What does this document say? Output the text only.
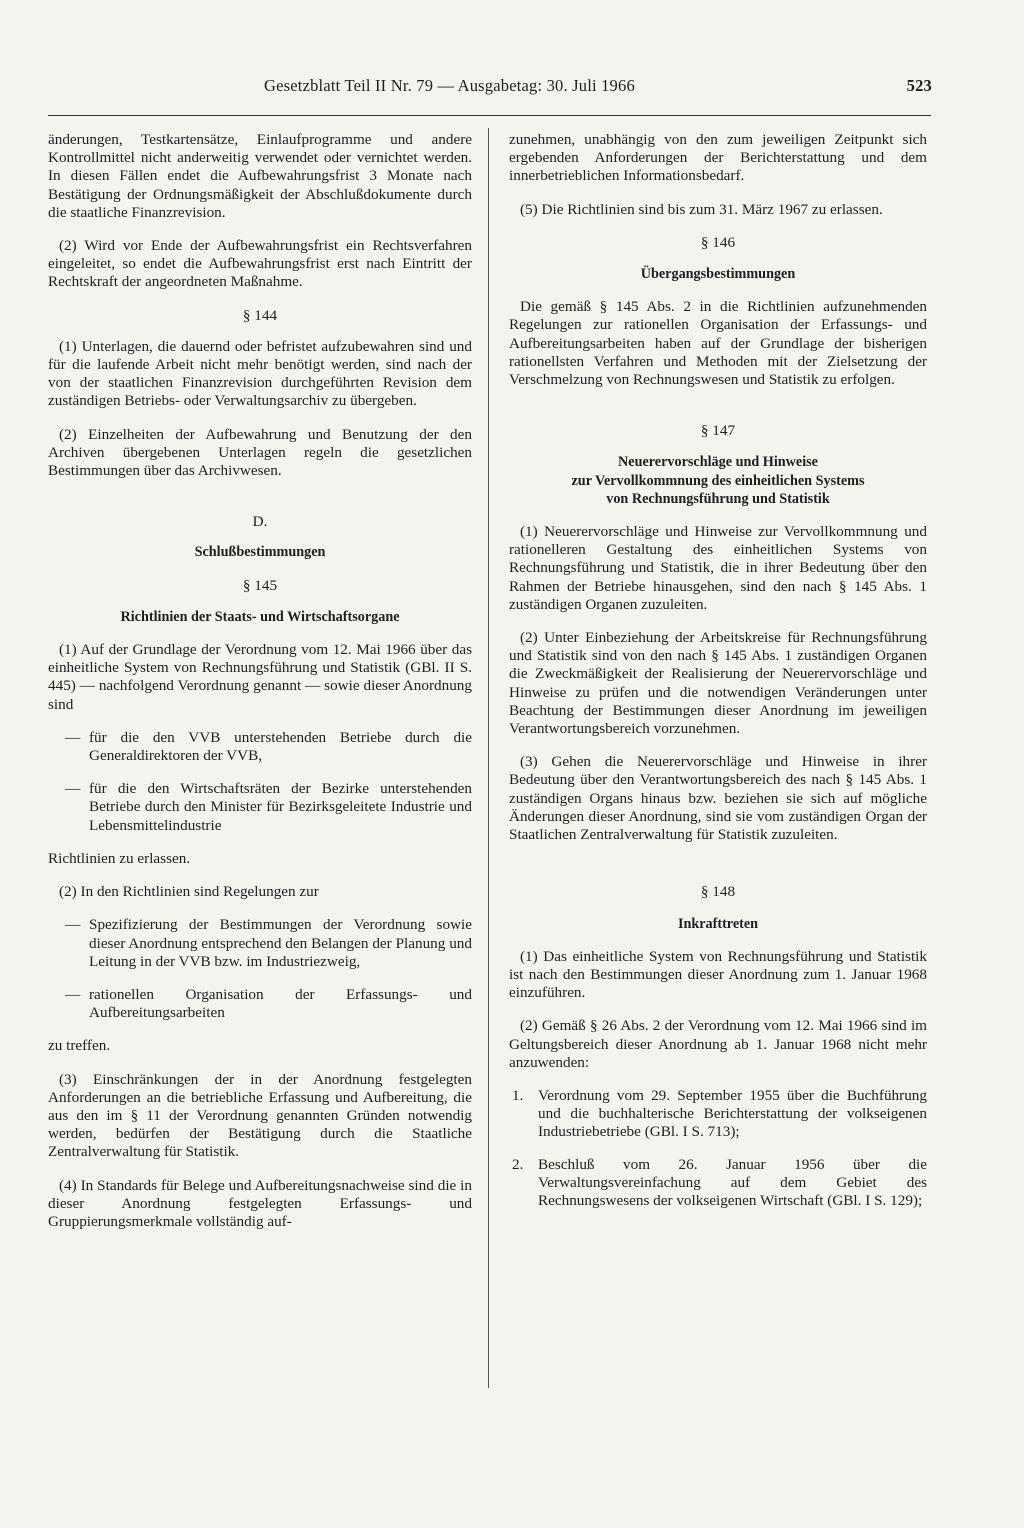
Gesetzblatt Teil II Nr. 79 — Ausgabetag: 30. Juli 1966	523

änderungen, Testkartensätze, Einlaufprogramme und andere Kontrollmittel nicht anderweitig verwendet oder vernichtet werden. In diesen Fällen endet die Aufbewahrungsfrist 3 Monate nach Bestätigung der Ordnungsmäßigkeit der Abschlußdokumente durch die staatliche Finanzrevision.

(2) Wird vor Ende der Aufbewahrungsfrist ein Rechtsverfahren eingeleitet, so endet die Aufbewahrungsfrist erst nach Eintritt der Rechtskraft der angeordneten Maßnahme.

§ 144

(1) Unterlagen, die dauernd oder befristet aufzubewahren sind und für die laufende Arbeit nicht mehr benötigt werden, sind nach der von der staatlichen Finanzrevision durchgeführten Revision dem zuständigen Betriebs- oder Verwaltungsarchiv zu übergeben.

(2) Einzelheiten der Aufbewahrung und Benutzung der den Archiven übergebenen Unterlagen regeln die gesetzlichen Bestimmungen über das Archivwesen.

D.

Schlußbestimmungen

§ 145

Richtlinien der Staats- und Wirtschaftsorgane

(1) Auf der Grundlage der Verordnung vom 12. Mai 1966 über das einheitliche System von Rechnungsführung und Statistik (GBl. II S. 445) — nachfolgend Verordnung genannt — sowie dieser Anordnung sind

— für die den VVB unterstehenden Betriebe durch die Generaldirektoren der VVB,
— für die den Wirtschaftsräten der Bezirke unterstehenden Betriebe durch den Minister für Bezirksgeleitete Industrie und Lebensmittelindustrie

Richtlinien zu erlassen.

(2) In den Richtlinien sind Regelungen zur

— Spezifizierung der Bestimmungen der Verordnung sowie dieser Anordnung entsprechend den Belangen der Planung und Leitung in der VVB bzw. im Industriezweig,
— rationellen Organisation der Erfassungs- und Aufbereitungsarbeiten

zu treffen.

(3) Einschränkungen der in der Anordnung festgelegten Anforderungen an die betriebliche Erfassung und Aufbereitung, die aus den im § 11 der Verordnung genannten Gründen notwendig werden, bedürfen der Bestätigung durch die Staatliche Zentralverwaltung für Statistik.

(4) In Standards für Belege und Aufbereitungsnachweise sind die in dieser Anordnung festgelegten Erfassungs- und Gruppierungsmerkmale vollständig auf-

zunehmen, unabhängig von den zum jeweiligen Zeitpunkt sich ergebenden Anforderungen der Berichterstattung und dem innerbetrieblichen Informationsbedarf.

(5) Die Richtlinien sind bis zum 31. März 1967 zu erlassen.

§ 146

Übergangsbestimmungen

Die gemäß § 145 Abs. 2 in die Richtlinien aufzunehmenden Regelungen zur rationellen Organisation der Erfassungs- und Aufbereitungsarbeiten haben auf der Grundlage der bisherigen rationellsten Verfahren und Methoden mit der Zielsetzung der Verschmelzung von Rechnungswesen und Statistik zu erfolgen.

§ 147

Neuerervorschläge und Hinweise
zur Vervollkommnung des einheitlichen Systems
von Rechnungsführung und Statistik

(1) Neuerervorschläge und Hinweise zur Vervollkommnung und rationelleren Gestaltung des einheitlichen Systems von Rechnungsführung und Statistik, die in ihrer Bedeutung über den Rahmen der Betriebe hinausgehen, sind den nach § 145 Abs. 1 zuständigen Organen zuzuleiten.

(2) Unter Einbeziehung der Arbeitskreise für Rechnungsführung und Statistik sind von den nach § 145 Abs. 1 zuständigen Organen die Zweckmäßigkeit der Realisierung der Neuerervorschläge und Hinweise zu prüfen und die notwendigen Veränderungen unter Beachtung der Bestimmungen dieser Anordnung im jeweiligen Verantwortungsbereich vorzunehmen.

(3) Gehen die Neuerervorschläge und Hinweise in ihrer Bedeutung über den Verantwortungsbereich des nach § 145 Abs. 1 zuständigen Organs hinaus bzw. beziehen sie sich auf mögliche Änderungen dieser Anordnung, sind sie vom zuständigen Organ der Staatlichen Zentralverwaltung für Statistik zuzuleiten.

§ 148

Inkrafttreten

(1) Das einheitliche System von Rechnungsführung und Statistik ist nach den Bestimmungen dieser Anordnung zum 1. Januar 1968 einzuführen.

(2) Gemäß § 26 Abs. 2 der Verordnung vom 12. Mai 1966 sind im Geltungsbereich dieser Anordnung ab 1. Januar 1968 nicht mehr anzuwenden:

1. Verordnung vom 29. September 1955 über die Buchführung und die buchhalterische Berichterstattung der volkseigenen Industriebetriebe (GBl. I S. 713);
2. Beschluß vom 26. Januar 1956 über die Verwaltungsvereinfachung auf dem Gebiet des Rechnungswesens der volkseigenen Wirtschaft (GBl. I S. 129);
